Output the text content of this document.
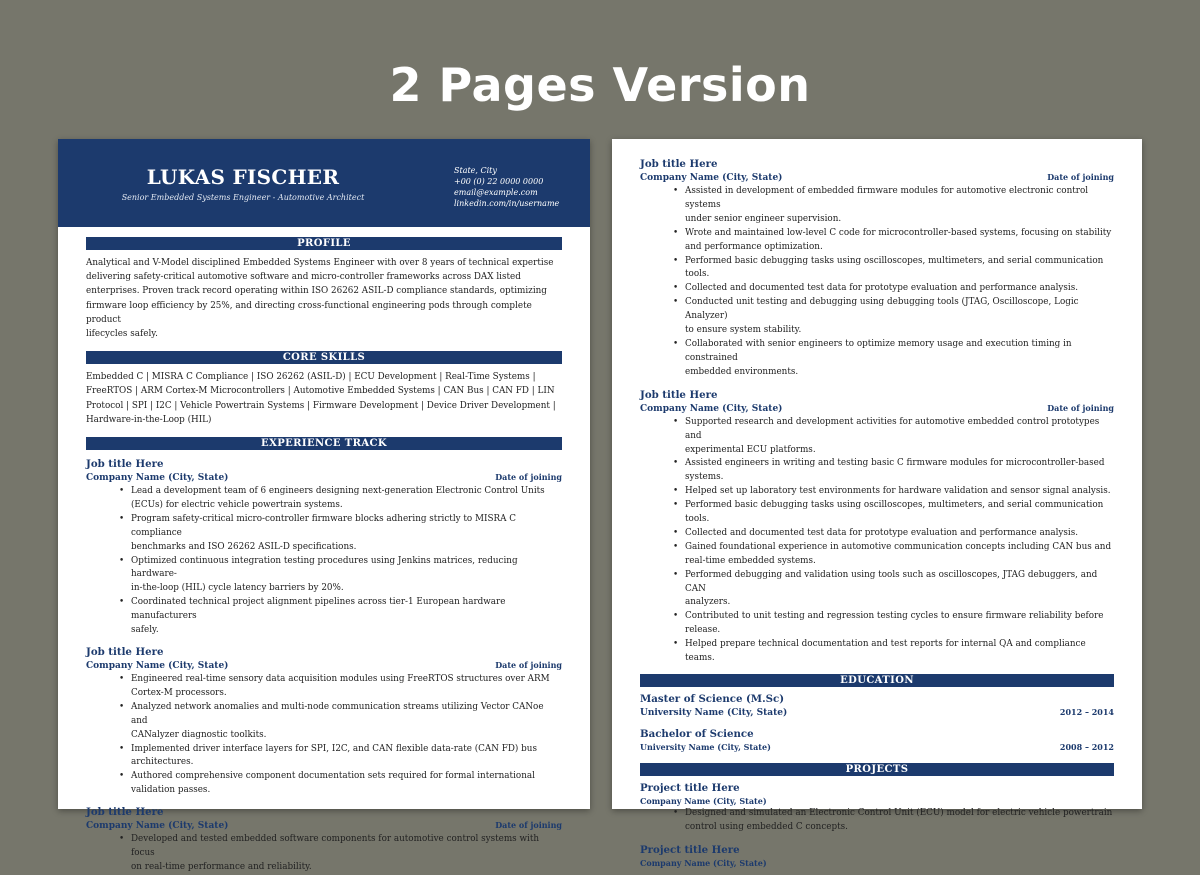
2 Pages Version
LUKAS FISCHER
Senior Embedded Systems Engineer - Automotive Architect
State, City
+00 (0) 22 0000 0000
email@example.com
linkedin.com/in/username
PROFILE
Analytical and V-Model disciplined Embedded Systems Engineer with over 8 years of technical expertise
delivering safety-critical automotive software and micro-controller frameworks across DAX listed
enterprises. Proven track record operating within ISO 26262 ASIL-D compliance standards, optimizing
firmware loop efficiency by 25%, and directing cross-functional engineering pods through complete product
lifecycles safely.
CORE SKILLS
Embedded C | MISRA C Compliance | ISO 26262 (ASIL-D) | ECU Development | Real-Time Systems |
FreeRTOS | ARM Cortex-M Microcontrollers | Automotive Embedded Systems | CAN Bus | CAN FD | LIN
Protocol | SPI | I2C | Vehicle Powertrain Systems | Firmware Development | Device Driver Development |
Hardware-in-the-Loop (HIL)
EXPERIENCE TRACK
Job title Here
Company Name (City, State)	Date of joining
• Lead a development team of 6 engineers designing next-generation Electronic Control Units
(ECUs) for electric vehicle powertrain systems.
• Program safety-critical micro-controller firmware blocks adhering strictly to MISRA C compliance
benchmarks and ISO 26262 ASIL-D specifications.
• Optimized continuous integration testing procedures using Jenkins matrices, reducing hardware-
in-the-loop (HIL) cycle latency barriers by 20%.
• Coordinated technical project alignment pipelines across tier-1 European hardware manufacturers
safely.
Job title Here
Company Name (City, State)	Date of joining
• Engineered real-time sensory data acquisition modules using FreeRTOS structures over ARM
Cortex-M processors.
• Analyzed network anomalies and multi-node communication streams utilizing Vector CANoe and
CANalyzer diagnostic toolkits.
• Implemented driver interface layers for SPI, I2C, and CAN flexible data-rate (CAN FD) bus
architectures.
• Authored comprehensive component documentation sets required for formal international
validation passes.
Job title Here
Company Name (City, State)	Date of joining
• Developed and tested embedded software components for automotive control systems with focus
on real-time performance and reliability.
Job title Here
Company Name (City, State)	Date of joining
• Assisted in development of embedded firmware modules for automotive electronic control systems
under senior engineer supervision.
• Wrote and maintained low-level C code for microcontroller-based systems, focusing on stability
and performance optimization.
• Performed basic debugging tasks using oscilloscopes, multimeters, and serial communication
tools.
• Collected and documented test data for prototype evaluation and performance analysis.
• Conducted unit testing and debugging using debugging tools (JTAG, Oscilloscope, Logic Analyzer)
to ensure system stability.
• Collaborated with senior engineers to optimize memory usage and execution timing in constrained
embedded environments.
Job title Here
Company Name (City, State)	Date of joining
• Supported research and development activities for automotive embedded control prototypes and
experimental ECU platforms.
• Assisted engineers in writing and testing basic C firmware modules for microcontroller-based
systems.
• Helped set up laboratory test environments for hardware validation and sensor signal analysis.
• Performed basic debugging tasks using oscilloscopes, multimeters, and serial communication
tools.
• Collected and documented test data for prototype evaluation and performance analysis.
• Gained foundational experience in automotive communication concepts including CAN bus and
real-time embedded systems.
• Performed debugging and validation using tools such as oscilloscopes, JTAG debuggers, and CAN
analyzers.
• Contributed to unit testing and regression testing cycles to ensure firmware reliability before
release.
• Helped prepare technical documentation and test reports for internal QA and compliance teams.
EDUCATION
Master of Science (M.Sc)
University Name (City, State)	2012 – 2014
Bachelor of Science
University Name (City, State)	2008 – 2012
PROJECTS
Project title Here
Company Name (City, State)
• Designed and simulated an Electronic Control Unit (ECU) model for electric vehicle powertrain
control using embedded C concepts.
Project title Here
Company Name (City, State)
